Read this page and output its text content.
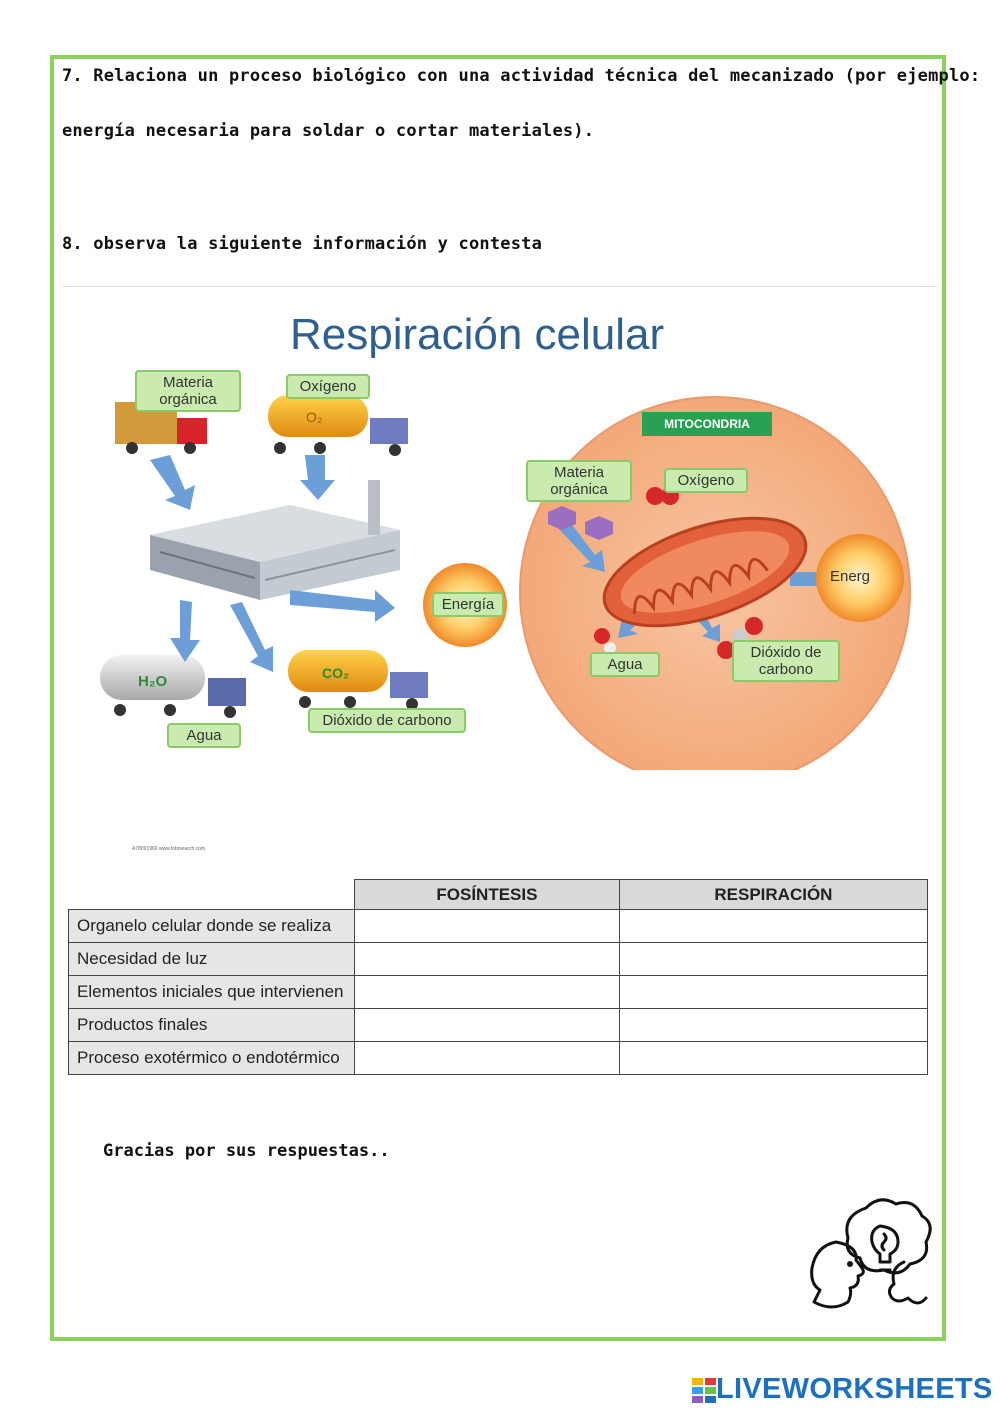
7. Relaciona un proceso biológico con una actividad técnica del mecanizado (por ejemplo:
energía necesaria para soldar o cortar materiales).
8. observa la siguiente información y contesta
O₂
H₂O	CO₂
Respiración celular
Materia orgánica
Oxígeno
Energía
Agua
Dióxido de carbono
MITOCONDRIA
Materia orgánica
Oxígeno
Energ
Agua
Dióxido de carbono
A78091960 www.fotosearch.com
	FOSÍNTESIS	RESPIRACIÓN
Organelo celular donde se realiza		
Necesidad de luz		
Elementos iniciales que intervienen		
Productos finales		
Proceso exotérmico o endotérmico		
Gracias por sus respuestas..
LIVEWORKSHEETS
